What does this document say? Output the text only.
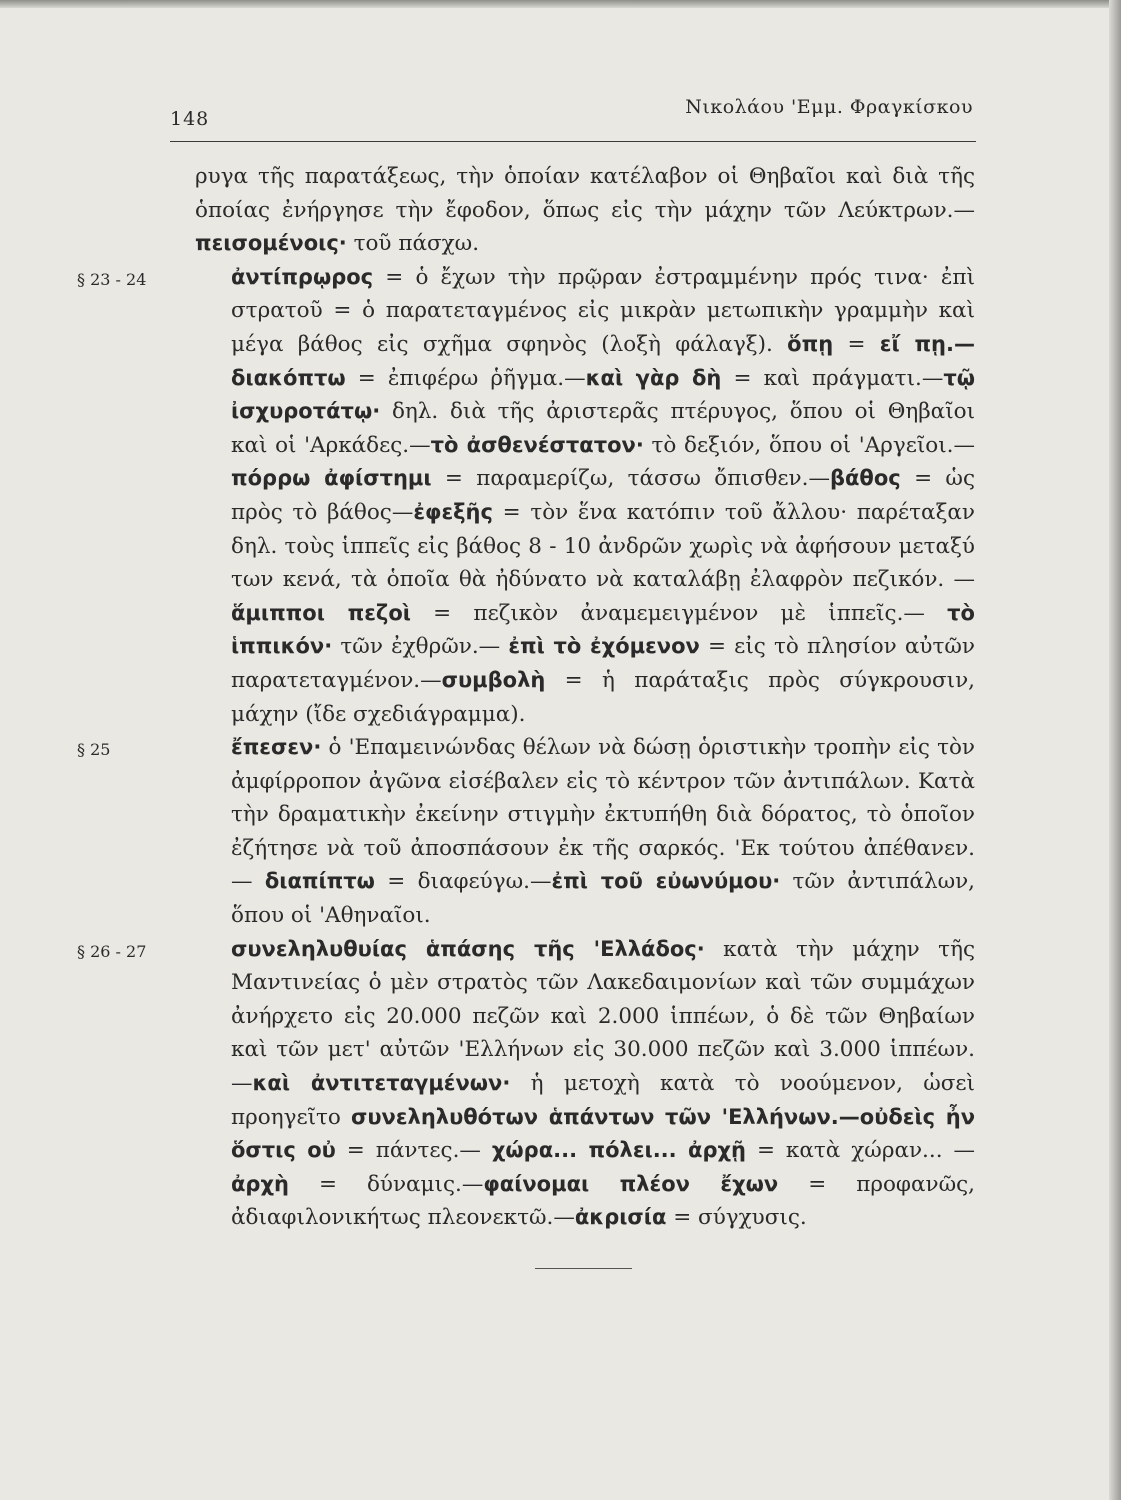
148
Νικολάου 'Εμμ. Φραγκίσκου

ρυγα τῆς παρατάξεως, τὴν ὁποίαν κατέλαβον οἱ Θηβαῖοι καὶ διὰ τῆς ὁποίας ἐνήργησε τὴν ἔφοδον, ὅπως εἰς τὴν μάχην τῶν Λεύκτρων.— πεισομένοις· τοῦ πάσχω.

§ 23 - 24	ἀντίπρῳρος = ὁ ἔχων τὴν πρῷραν ἐστραμμένην πρός τινα· ἐπὶ στρατοῦ = ὁ παρατεταγμένος εἰς μικρὰν μετωπικὴν γραμμὴν καὶ μέγα βάθος εἰς σχῆμα σφηνὸς (λοξὴ φάλαγξ). ὅπῃ = εἴ πῃ.— διακόπτω = ἐπιφέρω ῥῆγμα.—καὶ γὰρ δὴ = καὶ πράγματι.—τῷ ἰσχυροτάτῳ· δηλ. διὰ τῆς ἀριστερᾶς πτέρυγος, ὅπου οἱ Θηβαῖοι καὶ οἱ 'Αρκάδες.—τὸ ἀσθενέστατον· τὸ δεξιόν, ὅπου οἱ 'Αργεῖοι.— πόρρω ἀφίστημι = παραμερίζω, τάσσω ὄπισθεν.—βάθος = ὡς πρὸς τὸ βάθος—ἐφεξῆς = τὸν ἕνα κατόπιν τοῦ ἄλλου· παρέταξαν δηλ. τοὺς ἱππεῖς εἰς βάθος 8 - 10 ἀνδρῶν χωρὶς νὰ ἀφήσουν μεταξύ των κενά, τὰ ὁποῖα θὰ ἠδύνατο νὰ καταλάβῃ ἐλαφρὸν πεζικόν. — ἅμιπποι πεζοὶ = πεζικὸν ἀναμεμειγμένον μὲ ἱππεῖς.— τὸ ἱππικόν· τῶν ἐχθρῶν.— ἐπὶ τὸ ἐχόμενον = εἰς τὸ πλησίον αὐτῶν παρατεταγμένον.—συμβολὴ = ἡ παράταξις πρὸς σύγκρουσιν, μάχην (ἴδε σχεδιάγραμμα).

§ 25	ἔπεσεν· ὁ 'Επαμεινώνδας θέλων νὰ δώσῃ ὁριστικὴν τροπὴν εἰς τὸν ἀμφίρροπον ἀγῶνα εἰσέβαλεν εἰς τὸ κέντρον τῶν ἀντιπάλων. Κατὰ τὴν δραματικὴν ἐκείνην στιγμὴν ἐκτυπήθη διὰ δόρατος, τὸ ὁποῖον ἐζήτησε νὰ τοῦ ἀποσπάσουν ἐκ τῆς σαρκός. 'Εκ τούτου ἀπέθανεν.— διαπίπτω = διαφεύγω.—ἐπὶ τοῦ εὐωνύμου· τῶν ἀντιπάλων, ὅπου οἱ 'Αθηναῖοι.

§ 26 - 27	συνεληλυθυίας ἁπάσης τῆς 'Ελλάδος· κατὰ τὴν μάχην τῆς Μαντινείας ὁ μὲν στρατὸς τῶν Λακεδαιμονίων καὶ τῶν συμμάχων ἀνήρχετο εἰς 20.000 πεζῶν καὶ 2.000 ἱππέων, ὁ δὲ τῶν Θηβαίων καὶ τῶν μετ' αὐτῶν 'Ελλήνων εἰς 30.000 πεζῶν καὶ 3.000 ἱππέων.—καὶ ἀντιτεταγμένων· ἡ μετοχὴ κατὰ τὸ νοούμενον, ὡσεὶ προηγεῖτο συνεληλυθότων ἁπάντων τῶν 'Ελλήνων.—οὐδεὶς ἦν ὅστις οὐ = πάντες.— χώρα... πόλει... ἀρχῇ = κατὰ χώραν... — ἀρχὴ = δύναμις.—φαίνομαι πλέον ἔχων = προφανῶς, ἀδιαφιλονικήτως πλεονεκτῶ.—ἀκρισία = σύγχυσις.
